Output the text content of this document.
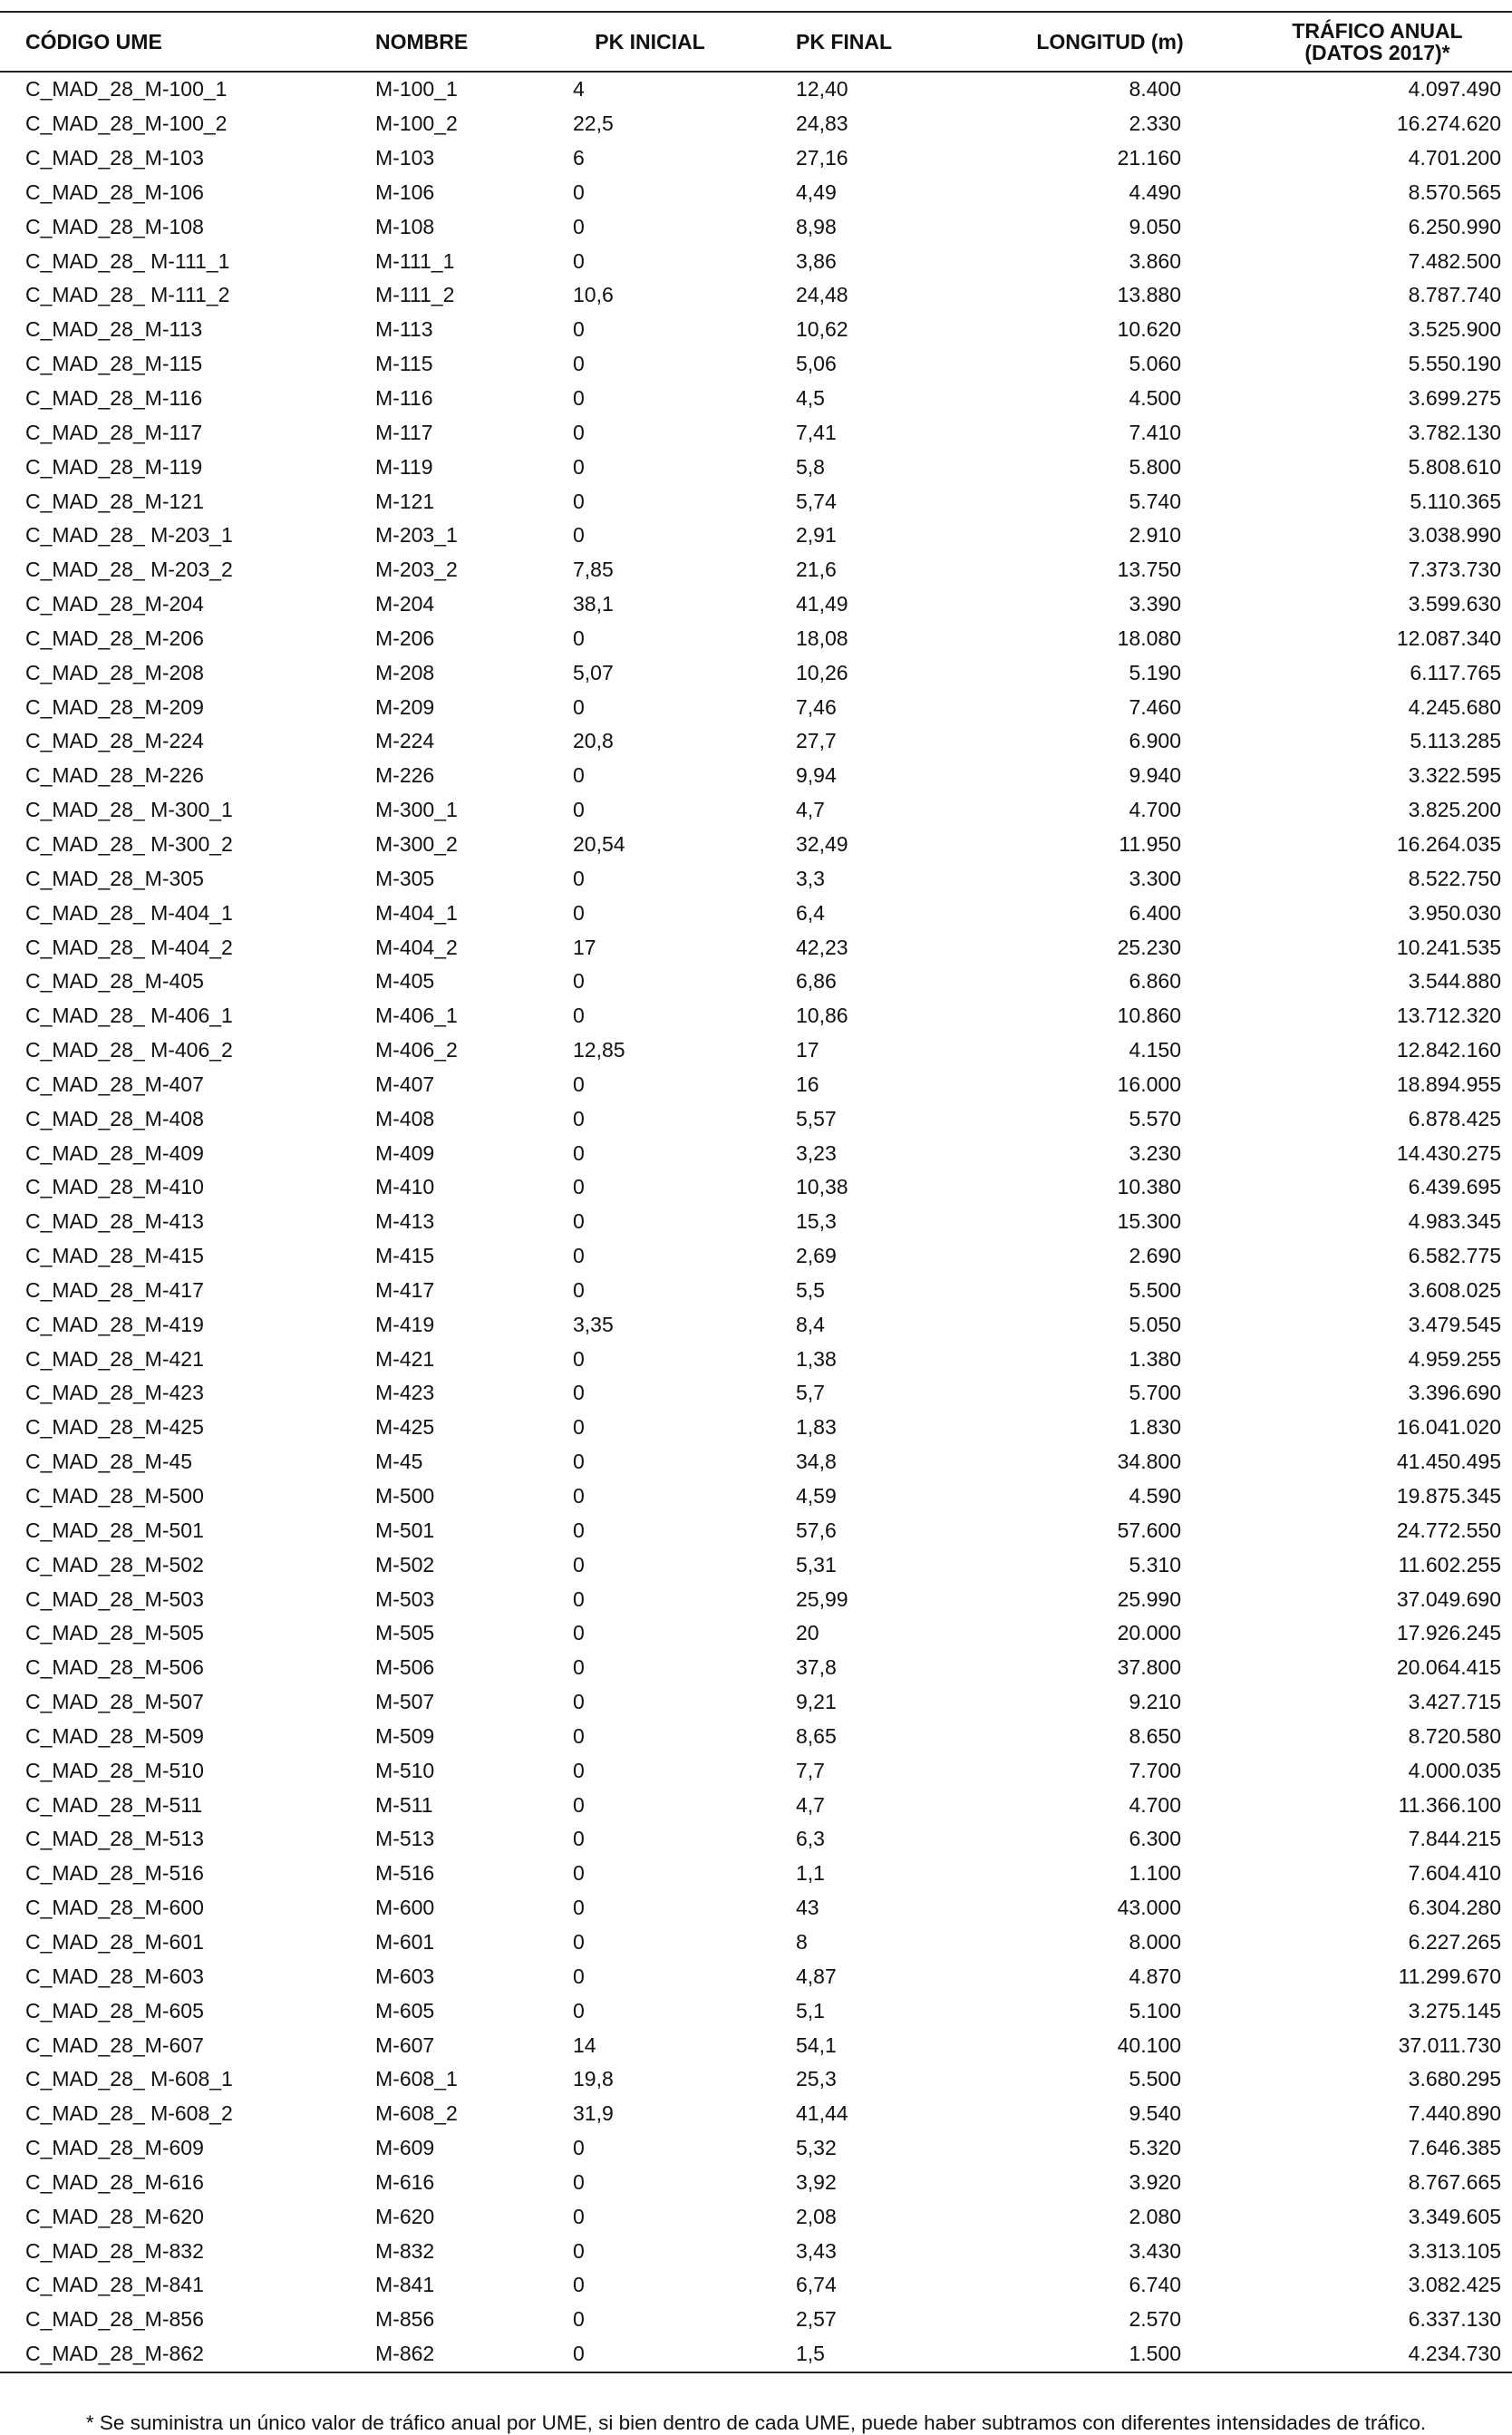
CÓDIGO UME	NOMBRE	PK INICIAL	PK FINAL	LONGITUD (m)	TRÁFICO ANUAL
(DATOS 2017)*
C_MAD_28_M-100_1	M-100_1	4	12,40	8.400	4.097.490
C_MAD_28_M-100_2	M-100_2	22,5	24,83	2.330	16.274.620
C_MAD_28_M-103	M-103	6	27,16	21.160	4.701.200
C_MAD_28_M-106	M-106	0	4,49	4.490	8.570.565
C_MAD_28_M-108	M-108	0	8,98	9.050	6.250.990
C_MAD_28_ M-111_1	M-111_1	0	3,86	3.860	7.482.500
C_MAD_28_ M-111_2	M-111_2	10,6	24,48	13.880	8.787.740
C_MAD_28_M-113	M-113	0	10,62	10.620	3.525.900
C_MAD_28_M-115	M-115	0	5,06	5.060	5.550.190
C_MAD_28_M-116	M-116	0	4,5	4.500	3.699.275
C_MAD_28_M-117	M-117	0	7,41	7.410	3.782.130
C_MAD_28_M-119	M-119	0	5,8	5.800	5.808.610
C_MAD_28_M-121	M-121	0	5,74	5.740	5.110.365
C_MAD_28_ M-203_1	M-203_1	0	2,91	2.910	3.038.990
C_MAD_28_ M-203_2	M-203_2	7,85	21,6	13.750	7.373.730
C_MAD_28_M-204	M-204	38,1	41,49	3.390	3.599.630
C_MAD_28_M-206	M-206	0	18,08	18.080	12.087.340
C_MAD_28_M-208	M-208	5,07	10,26	5.190	6.117.765
C_MAD_28_M-209	M-209	0	7,46	7.460	4.245.680
C_MAD_28_M-224	M-224	20,8	27,7	6.900	5.113.285
C_MAD_28_M-226	M-226	0	9,94	9.940	3.322.595
C_MAD_28_ M-300_1	M-300_1	0	4,7	4.700	3.825.200
C_MAD_28_ M-300_2	M-300_2	20,54	32,49	11.950	16.264.035
C_MAD_28_M-305	M-305	0	3,3	3.300	8.522.750
C_MAD_28_ M-404_1	M-404_1	0	6,4	6.400	3.950.030
C_MAD_28_ M-404_2	M-404_2	17	42,23	25.230	10.241.535
C_MAD_28_M-405	M-405	0	6,86	6.860	3.544.880
C_MAD_28_ M-406_1	M-406_1	0	10,86	10.860	13.712.320
C_MAD_28_ M-406_2	M-406_2	12,85	17	4.150	12.842.160
C_MAD_28_M-407	M-407	0	16	16.000	18.894.955
C_MAD_28_M-408	M-408	0	5,57	5.570	6.878.425
C_MAD_28_M-409	M-409	0	3,23	3.230	14.430.275
C_MAD_28_M-410	M-410	0	10,38	10.380	6.439.695
C_MAD_28_M-413	M-413	0	15,3	15.300	4.983.345
C_MAD_28_M-415	M-415	0	2,69	2.690	6.582.775
C_MAD_28_M-417	M-417	0	5,5	5.500	3.608.025
C_MAD_28_M-419	M-419	3,35	8,4	5.050	3.479.545
C_MAD_28_M-421	M-421	0	1,38	1.380	4.959.255
C_MAD_28_M-423	M-423	0	5,7	5.700	3.396.690
C_MAD_28_M-425	M-425	0	1,83	1.830	16.041.020
C_MAD_28_M-45	M-45	0	34,8	34.800	41.450.495
C_MAD_28_M-500	M-500	0	4,59	4.590	19.875.345
C_MAD_28_M-501	M-501	0	57,6	57.600	24.772.550
C_MAD_28_M-502	M-502	0	5,31	5.310	11.602.255
C_MAD_28_M-503	M-503	0	25,99	25.990	37.049.690
C_MAD_28_M-505	M-505	0	20	20.000	17.926.245
C_MAD_28_M-506	M-506	0	37,8	37.800	20.064.415
C_MAD_28_M-507	M-507	0	9,21	9.210	3.427.715
C_MAD_28_M-509	M-509	0	8,65	8.650	8.720.580
C_MAD_28_M-510	M-510	0	7,7	7.700	4.000.035
C_MAD_28_M-511	M-511	0	4,7	4.700	11.366.100
C_MAD_28_M-513	M-513	0	6,3	6.300	7.844.215
C_MAD_28_M-516	M-516	0	1,1	1.100	7.604.410
C_MAD_28_M-600	M-600	0	43	43.000	6.304.280
C_MAD_28_M-601	M-601	0	8	8.000	6.227.265
C_MAD_28_M-603	M-603	0	4,87	4.870	11.299.670
C_MAD_28_M-605	M-605	0	5,1	5.100	3.275.145
C_MAD_28_M-607	M-607	14	54,1	40.100	37.011.730
C_MAD_28_ M-608_1	M-608_1	19,8	25,3	5.500	3.680.295
C_MAD_28_ M-608_2	M-608_2	31,9	41,44	9.540	7.440.890
C_MAD_28_M-609	M-609	0	5,32	5.320	7.646.385
C_MAD_28_M-616	M-616	0	3,92	3.920	8.767.665
C_MAD_28_M-620	M-620	0	2,08	2.080	3.349.605
C_MAD_28_M-832	M-832	0	3,43	3.430	3.313.105
C_MAD_28_M-841	M-841	0	6,74	6.740	3.082.425
C_MAD_28_M-856	M-856	0	2,57	2.570	6.337.130
C_MAD_28_M-862	M-862	0	1,5	1.500	4.234.730
* Se suministra un único valor de tráfico anual por UME, si bien dentro de cada UME, puede haber subtramos con diferentes intensidades de tráfico.
